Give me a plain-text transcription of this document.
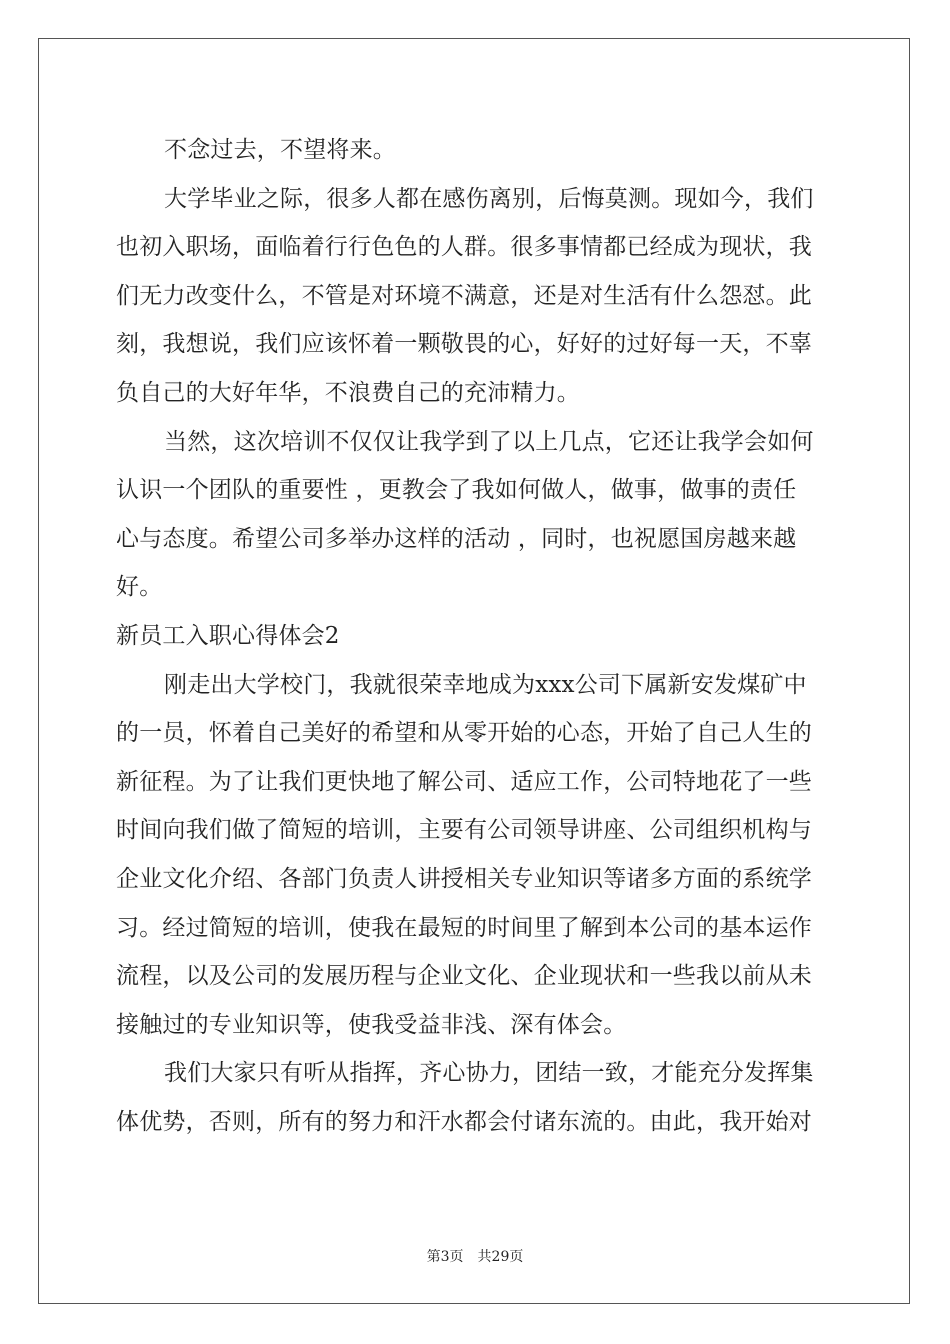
不念过去，不望将来。
大学毕业之际，很多人都在感伤离别，后悔莫测。现如今，我们
也初入职场，面临着行行色色的人群。很多事情都已经成为现状，我
们无力改变什么，不管是对环境不满意，还是对生活有什么怨怼。此
刻，我想说，我们应该怀着一颗敬畏的心，好好的过好每一天，不辜
负自己的大好年华，不浪费自己的充沛精力。
当然，这次培训不仅仅让我学到了以上几点，它还让我学会如何
认识一个团队的重要性 ，更教会了我如何做人，做事，做事的责任
心与态度。希望公司多举办这样的活动 ，同时，也祝愿国房越来越
好。
新员工入职心得体会2
刚走出大学校门，我就很荣幸地成为xxx公司下属新安发煤矿中
的一员，怀着自己美好的希望和从零开始的心态，开始了自己人生的
新征程。为了让我们更快地了解公司、适应工作，公司特地花了一些
时间向我们做了简短的培训，主要有公司领导讲座、公司组织机构与
企业文化介绍、各部门负责人讲授相关专业知识等诸多方面的系统学
习。经过简短的培训，使我在最短的时间里了解到本公司的基本运作
流程，以及公司的发展历程与企业文化、企业现状和一些我以前从未
接触过的专业知识等，使我受益非浅、深有体会。
我们大家只有听从指挥，齐心协力，团结一致，才能充分发挥集
体优势，否则，所有的努力和汗水都会付诸东流的。由此，我开始对
第3页 共29页
